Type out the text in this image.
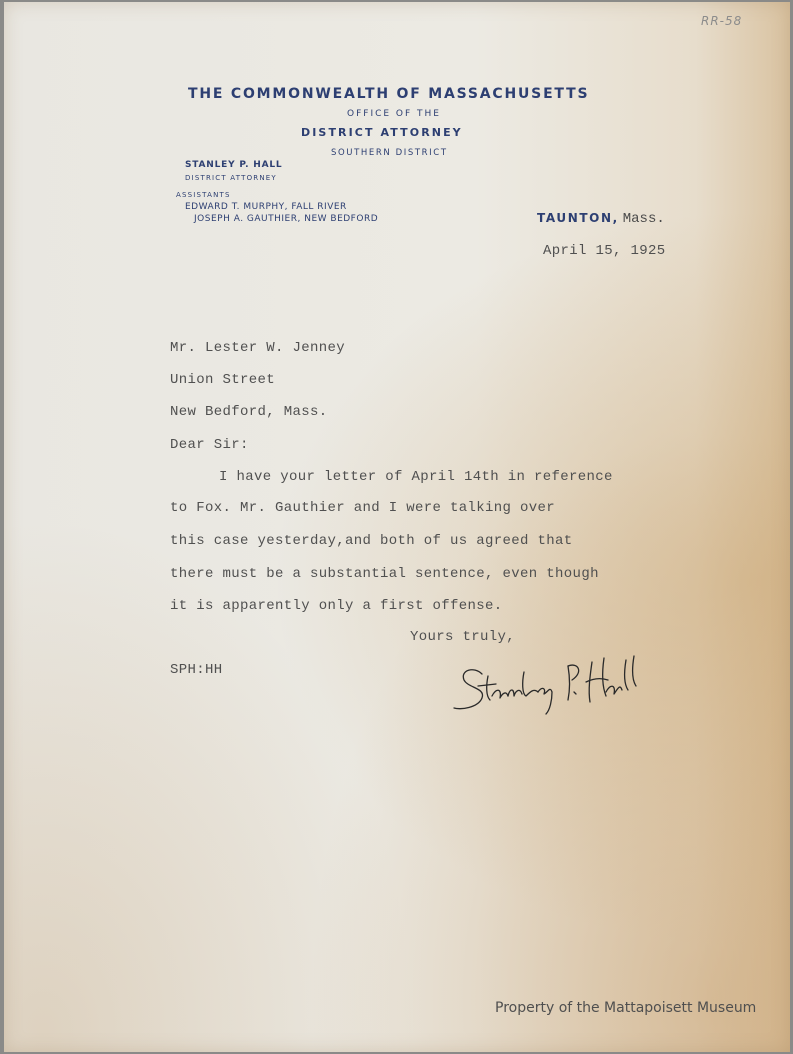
RR-58
THE COMMONWEALTH OF MASSACHUSETTS
OFFICE OF THE
DISTRICT ATTORNEY
SOUTHERN DISTRICT
STANLEY P. HALL
DISTRICT ATTORNEY
ASSISTANTS
EDWARD T. MURPHY, FALL RIVER
JOSEPH A. GAUTHIER, NEW BEDFORD	TAUNTON, Mass.
April 15, 1925
Mr. Lester W. Jenney
Union Street
New Bedford, Mass.
Dear Sir:
I have your letter of April 14th in reference
to Fox. Mr. Gauthier and I were talking over
this case yesterday,and both of us agreed that
there must be a substantial sentence, even though
it is apparently only a first offense.
Yours truly,
SPH:HH
Property of the Mattapoisett Museum
